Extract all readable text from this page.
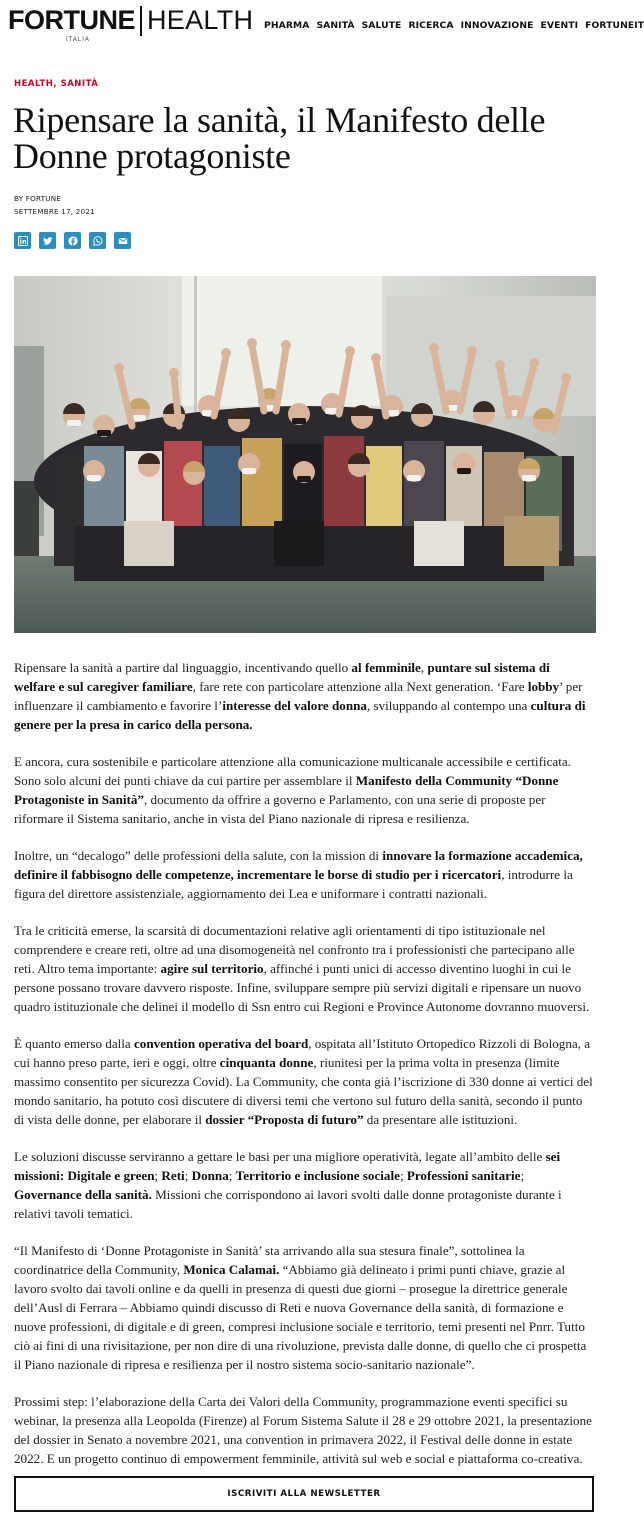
FORTUNE HEALTH
ITALIA
PHARMA SANITÀ SALUTE RICERCA INNOVAZIONE EVENTI FORTUNEIT
HEALTH, SANITÀ
Ripensare la sanità, il Manifesto delle Donne protagoniste
BY FORTUNE
SETTEMBRE 17, 2021

Ripensare la sanità a partire dal linguaggio, incentivando quello al femminile, puntare sul sistema di welfare e sul caregiver familiare, fare rete con particolare attenzione alla Next generation. ‘Fare lobby’ per influenzare il cambiamento e favorire l’interesse del valore donna, sviluppando al contempo una cultura di genere per la presa in carico della persona.

E ancora, cura sostenibile e particolare attenzione alla comunicazione multicanale accessibile e certificata. Sono solo alcuni dei punti chiave da cui partire per assemblare il Manifesto della Community “Donne Protagoniste in Sanità”, documento da offrire a governo e Parlamento, con una serie di proposte per riformare il Sistema sanitario, anche in vista del Piano nazionale di ripresa e resilienza.

Inoltre, un “decalogo” delle professioni della salute, con la mission di innovare la formazione accademica, definire il fabbisogno delle competenze, incrementare le borse di studio per i ricercatori, introdurre la figura del direttore assistenziale, aggiornamento dei Lea e uniformare i contratti nazionali.

Tra le criticità emerse, la scarsità di documentazioni relative agli orientamenti di tipo istituzionale nel comprendere e creare reti, oltre ad una disomogeneità nel confronto tra i professionisti che partecipano alle reti. Altro tema importante: agire sul territorio, affinché i punti unici di accesso diventino luoghi in cui le persone possano trovare davvero risposte. Infine, sviluppare sempre più servizi digitali e ripensare un nuovo quadro istituzionale che delinei il modello di Ssn entro cui Regioni e Province Autonome dovranno muoversi.

È quanto emerso dalla convention operativa del board, ospitata all’Istituto Ortopedico Rizzoli di Bologna, a cui hanno preso parte, ieri e oggi, oltre cinquanta donne, riunitesi per la prima volta in presenza (limite massimo consentito per sicurezza Covid). La Community, che conta già l’iscrizione di 330 donne ai vertici del mondo sanitario, ha potuto così discutere di diversi temi che vertono sul futuro della sanità, secondo il punto di vista delle donne, per elaborare il dossier “Proposta di futuro” da presentare alle istituzioni.

Le soluzioni discusse serviranno a gettare le basi per una migliore operatività, legate all’ambito delle sei missioni: Digitale e green; Reti; Donna; Territorio e inclusione sociale; Professioni sanitarie; Governance della sanità. Missioni che corrispondono ai lavori svolti dalle donne protagoniste durante i relativi tavoli tematici.

“Il Manifesto di ‘Donne Protagoniste in Sanità’ sta arrivando alla sua stesura finale”, sottolinea la coordinatrice della Community, Monica Calamai. “Abbiamo già delineato i primi punti chiave, grazie al lavoro svolto dai tavoli online e da quelli in presenza di questi due giorni – prosegue la direttrice generale dell’Ausl di Ferrara – Abbiamo quindi discusso di Reti e nuova Governance della sanità, di formazione e nuove professioni, di digitale e di green, compresi inclusione sociale e territorio, temi presenti nel Pnrr. Tutto ciò ai fini di una rivisitazione, per non dire di una rivoluzione, prevista dalle donne, di quello che ci prospetta il Piano nazionale di ripresa e resilienza per il nostro sistema socio-sanitario nazionale”.

Prossimi step: l’elaborazione della Carta dei Valori della Community, programmazione eventi specifici su webinar, la presenza alla Leopolda (Firenze) al Forum Sistema Salute il 28 e 29 ottobre 2021, la presentazione del dossier in Senato a novembre 2021, una convention in primavera 2022, il Festival delle donne in estate 2022. E un progetto continuo di empowerment femminile, attività sul web e social e piattaforma co-creativa.

ISCRIVITI ALLA NEWSLETTER
